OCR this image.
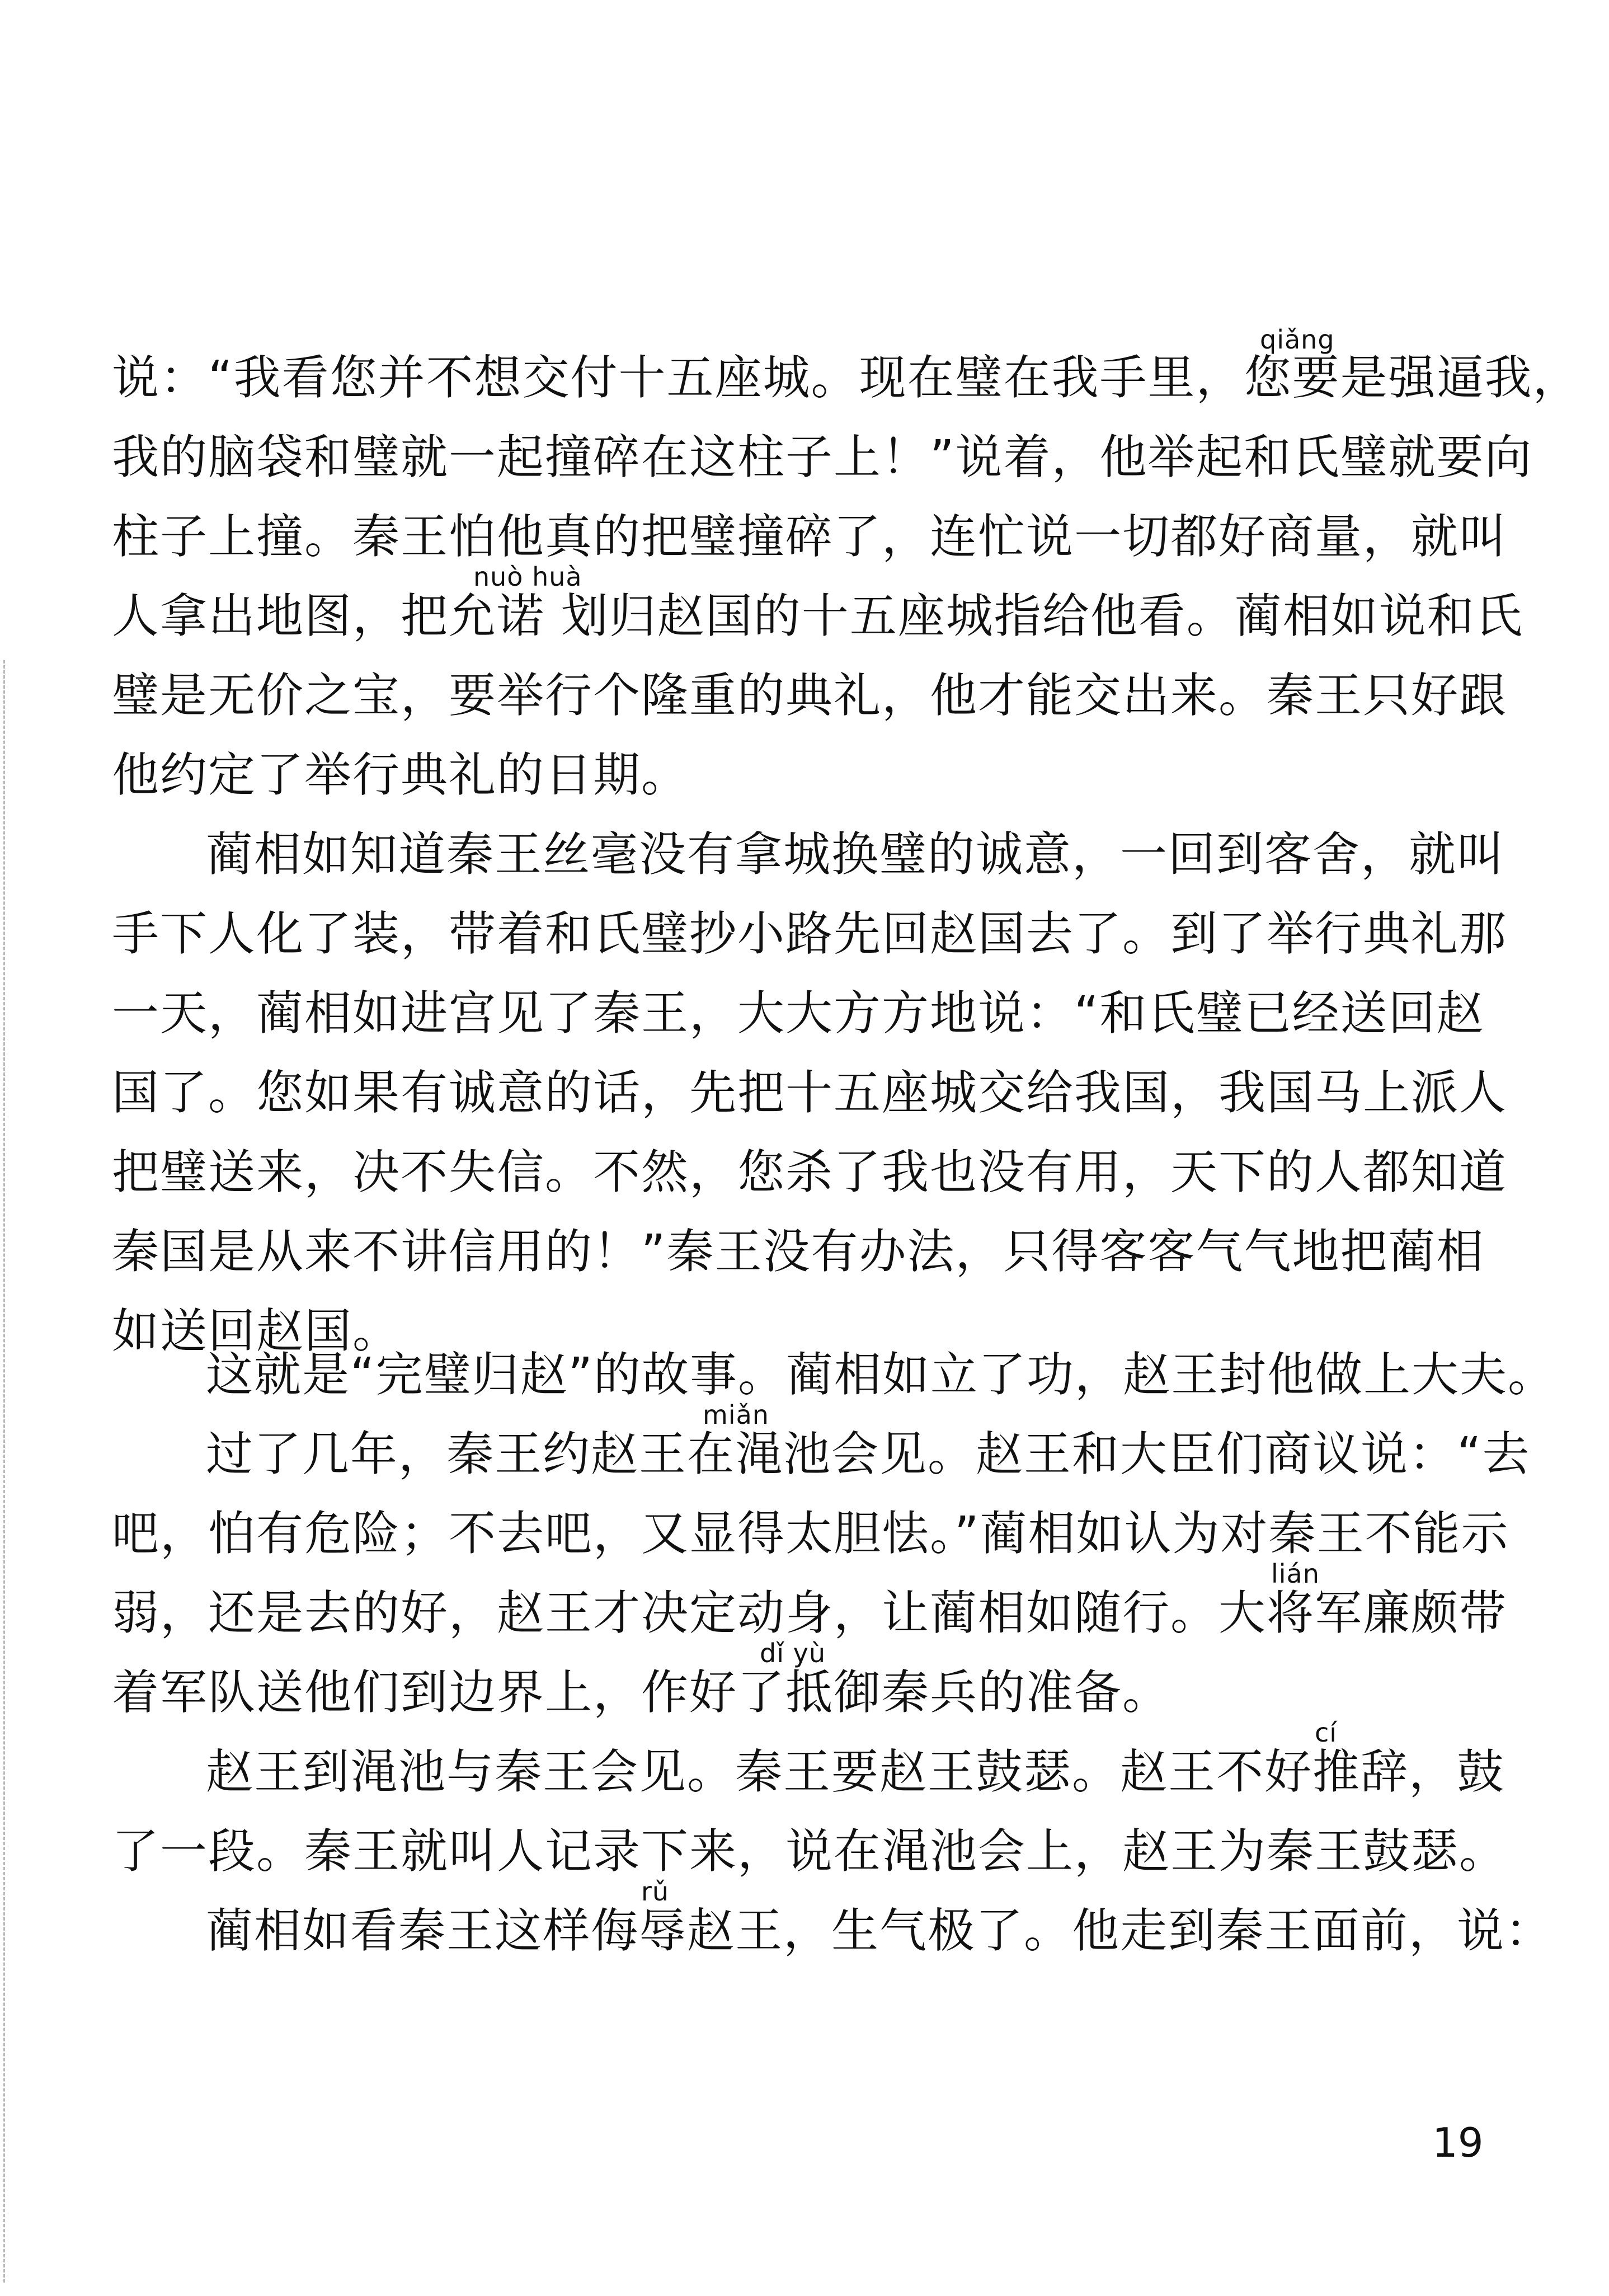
qiǎng
nuò huà
miǎn
lián
dǐ yù
cí
rǔ
说：“我看您并不想交付十五座城。现在璧在我手里，您要是强逼我，
我的脑袋和璧就一起撞碎在这柱子上！”说着，他举起和氏璧就要向
柱子上撞。秦王怕他真的把璧撞碎了，连忙说一切都好商量，就叫
人拿出地图，把允诺 划归赵国的十五座城指给他看。蔺相如说和氏
璧是无价之宝，要举行个隆重的典礼，他才能交出来。秦王只好跟
他约定了举行典礼的日期。
蔺相如知道秦王丝毫没有拿城换璧的诚意，一回到客舍，就叫
手下人化了装，带着和氏璧抄小路先回赵国去了。到了举行典礼那
一天，蔺相如进宫见了秦王，大大方方地说：“和氏璧已经送回赵
国了。您如果有诚意的话，先把十五座城交给我国，我国马上派人
把璧送来，决不失信。不然，您杀了我也没有用，天下的人都知道
秦国是从来不讲信用的！”秦王没有办法，只得客客气气地把蔺相
如送回赵国。
这就是“完璧归赵”的故事。蔺相如立了功，赵王封他做上大夫。
过了几年，秦王约赵王在渑池会见。赵王和大臣们商议说：“去
吧，怕有危险；不去吧，又显得太胆怯。”蔺相如认为对秦王不能示
弱，还是去的好，赵王才决定动身，让蔺相如随行。大将军廉颇带
着军队送他们到边界上，作好了抵御秦兵的准备。
赵王到渑池与秦王会见。秦王要赵王鼓瑟。赵王不好推辞，鼓
了一段。秦王就叫人记录下来，说在渑池会上，赵王为秦王鼓瑟。
蔺相如看秦王这样侮辱赵王，生气极了。他走到秦王面前，说：
19
